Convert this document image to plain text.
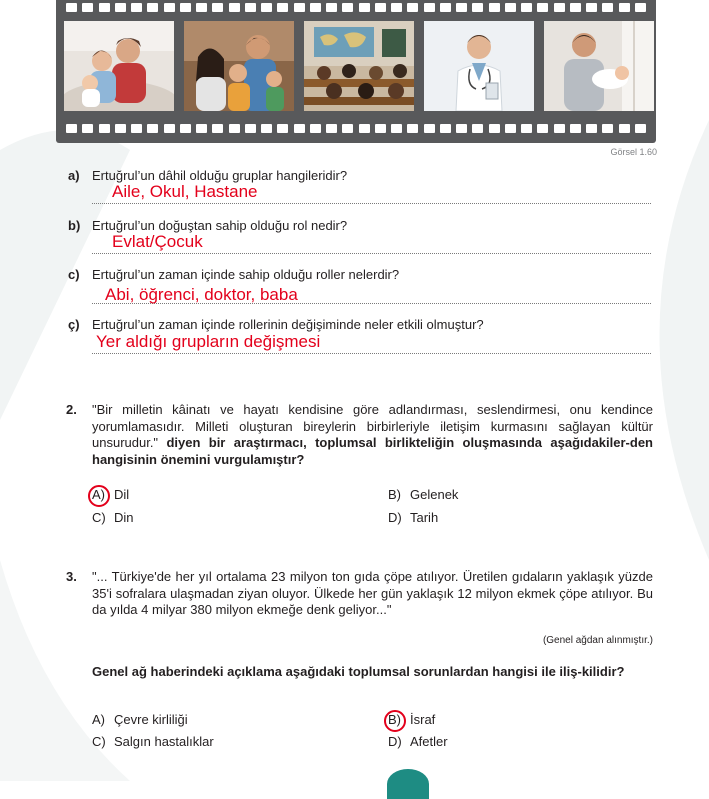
Görsel 1.60
a) Ertuğrul’un dâhil olduğu gruplar hangileridir?
Aile, Okul, Hastane
b) Ertuğrul’un doğuştan sahip olduğu rol nedir?
Evlat/Çocuk
c) Ertuğrul’un zaman içinde sahip olduğu roller nelerdir?
Abi, öğrenci, doktor, baba
ç) Ertuğrul’un zaman içinde rollerinin değişiminde neler etkili olmuştur?
Yer aldığı grupların değişmesi
2. "Bir milletin kâinatı ve hayatı kendisine göre adlandırması, seslendirmesi, onu kendince yorumlamasıdır. Milleti oluşturan bireylerin birbirleriyle iletişim kurmasını sağlayan kültür unsurudur." diyen bir araştırmacı, toplumsal birlikteliğin oluşmasında aşağıdakiler-den hangisinin önemini vurgulamıştır?
A) Dil	B) Gelenek
C) Din	D) Tarih
3. "... Türkiye'de her yıl ortalama 23 milyon ton gıda çöpe atılıyor. Üretilen gıdaların yaklaşık yüzde 35'i sofralara ulaşmadan ziyan oluyor. Ülkede her gün yaklaşık 12 milyon ekmek çöpe atılıyor. Bu da yılda 4 milyar 380 milyon ekmeğe denk geliyor..."
(Genel ağdan alınmıştır.)
Genel ağ haberindeki açıklama aşağıdaki toplumsal sorunlardan hangisi ile iliş-kilidir?
A) Çevre kirliliği	B) İsraf
C) Salgın hastalıklar	D) Afetler
